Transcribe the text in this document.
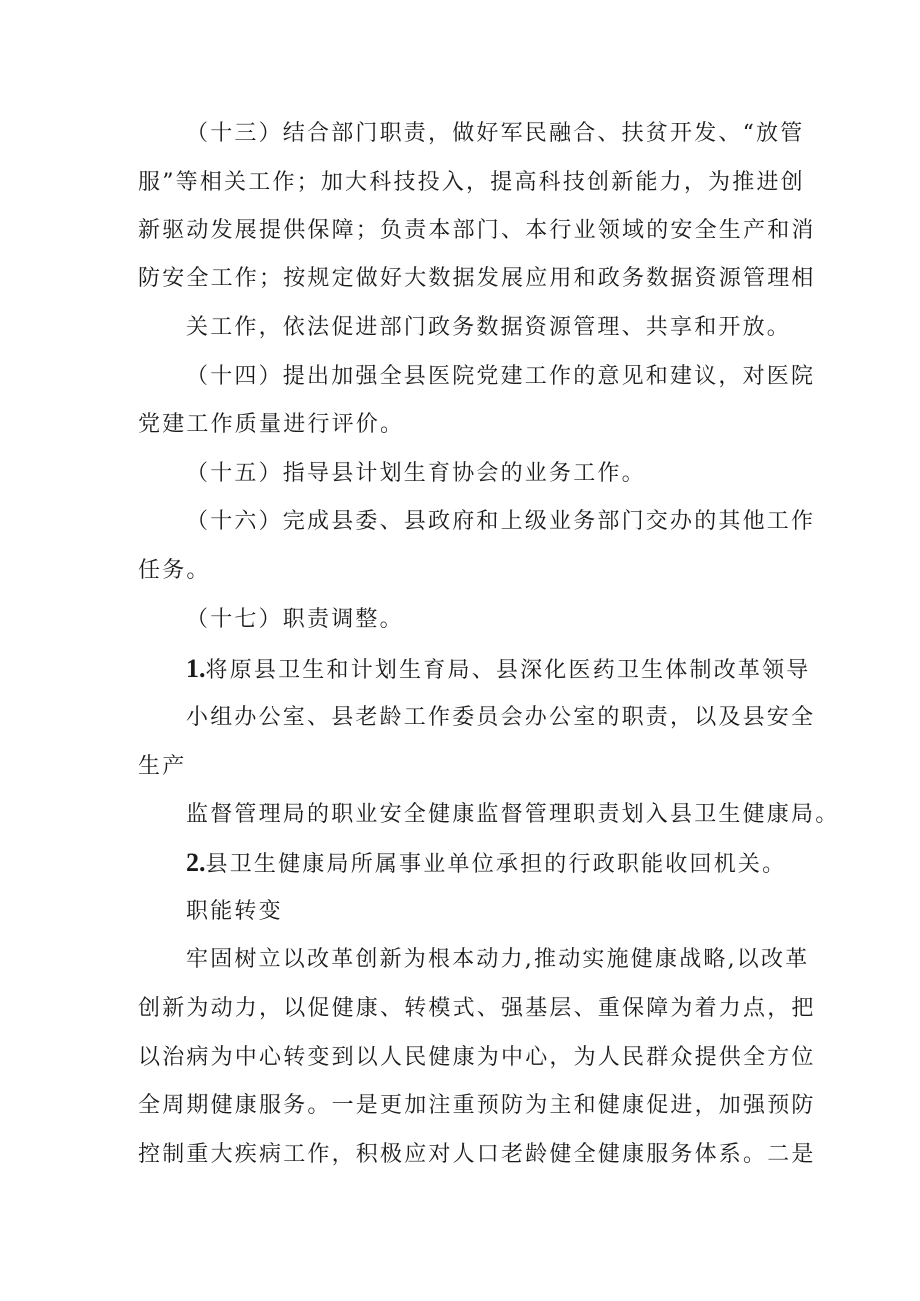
（十三）结合部门职责，做好军民融合、扶贫开发、“放管

服”等相关工作；加大科技投入，提高科技创新能力，为推进创

新驱动发展提供保障；负责本部门、本行业领域的安全生产和消

防安全工作；按规定做好大数据发展应用和政务数据资源管理相

关工作，依法促进部门政务数据资源管理、共享和开放。

（十四）提出加强全县医院党建工作的意见和建议，对医院

党建工作质量进行评价。

（十五）指导县计划生育协会的业务工作。

（十六）完成县委、县政府和上级业务部门交办的其他工作

任务。

（十七）职责调整。

1.将原县卫生和计划生育局、县深化医药卫生体制改革领导

小组办公室、县老龄工作委员会办公室的职责，以及县安全

生产

监督管理局的职业安全健康监督管理职责划入县卫生健康局。

2.县卫生健康局所属事业单位承担的行政职能收回机关。

职能转变

牢固树立以改革创新为根本动力,推动实施健康战略,以改革

创新为动力，以促健康、转模式、强基层、重保障为着力点，把

以治病为中心转变到以人民健康为中心，为人民群众提供全方位

全周期健康服务。一是更加注重预防为主和健康促进，加强预防

控制重大疾病工作，积极应对人口老龄健全健康服务体系。二是
